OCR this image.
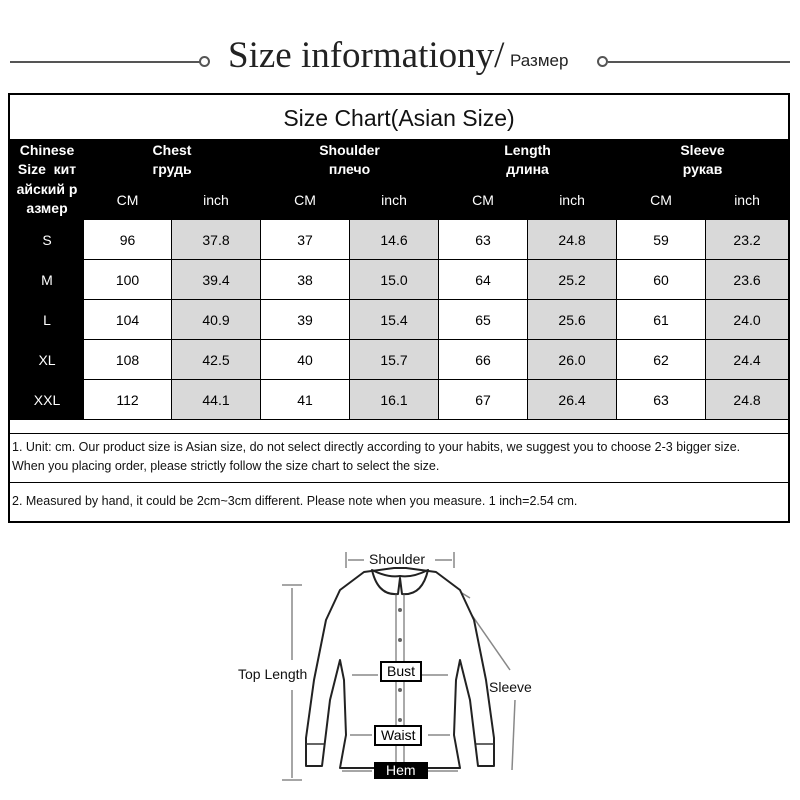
Size informationy/ Размер
Size Chart(Asian Size)
Chinese
Size  кит
айский р
азмер	Chest
грудь		Shoulder
плечо		Length
длина		Sleeve
рукав	
	CM	inch	CM	inch	CM	inch	CM	inch
S	96	37.8	37	14.6	63	24.8	59	23.2
M	100	39.4	38	15.0	64	25.2	60	23.6
L	104	40.9	39	15.4	65	25.6	61	24.0
XL	108	42.5	40	15.7	66	26.0	62	24.4
XXL	112	44.1	41	16.1	67	26.4	63	24.8
1. Unit: cm. Our product size is Asian size, do not select directly according to your habits, we suggest you to choose 2-3 bigger size.
When you placing order, please strictly follow the size chart to select the size.
2. Measured by hand, it could be 2cm~3cm different. Please note when you measure. 1 inch=2.54 cm.
Shoulder
Top Length	Bust
Sleeve
Waist
Hem
